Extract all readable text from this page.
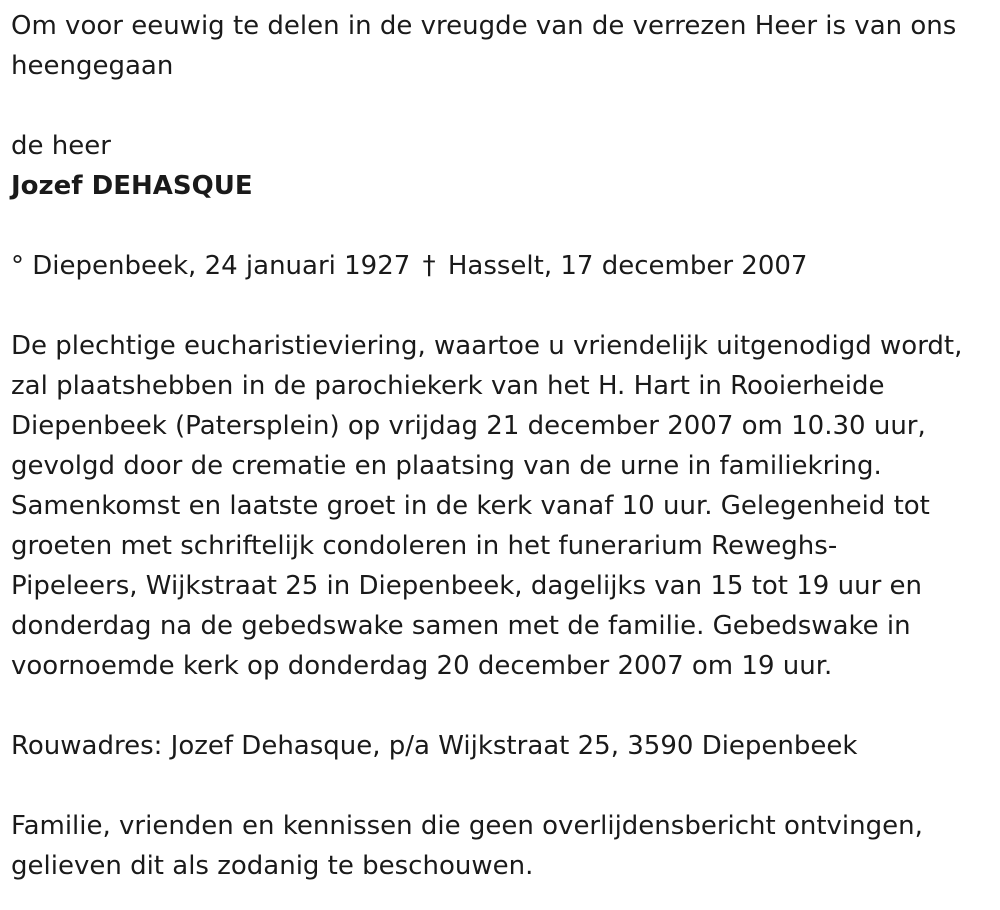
Om voor eeuwig te delen in de vreugde van de verrezen Heer is van ons
heengegaan

de heer

Jozef DEHASQUE

° Diepenbeek, 24 januari 1927 † Hasselt, 17 december 2007

De plechtige eucharistieviering, waartoe u vriendelijk uitgenodigd wordt,
zal plaatshebben in de parochiekerk van het H. Hart in Rooierheide
Diepenbeek (Patersplein) op vrijdag 21 december 2007 om 10.30 uur,
gevolgd door de crematie en plaatsing van de urne in familiekring.
Samenkomst en laatste groet in de kerk vanaf 10 uur. Gelegenheid tot
groeten met schriftelijk condoleren in het funerarium Reweghs-
Pipeleers, Wijkstraat 25 in Diepenbeek, dagelijks van 15 tot 19 uur en
donderdag na de gebedswake samen met de familie. Gebedswake in
voornoemde kerk op donderdag 20 december 2007 om 19 uur.

Rouwadres: Jozef Dehasque, p/a Wijkstraat 25, 3590 Diepenbeek

Familie, vrienden en kennissen die geen overlijdensbericht ontvingen,
gelieven dit als zodanig te beschouwen.
